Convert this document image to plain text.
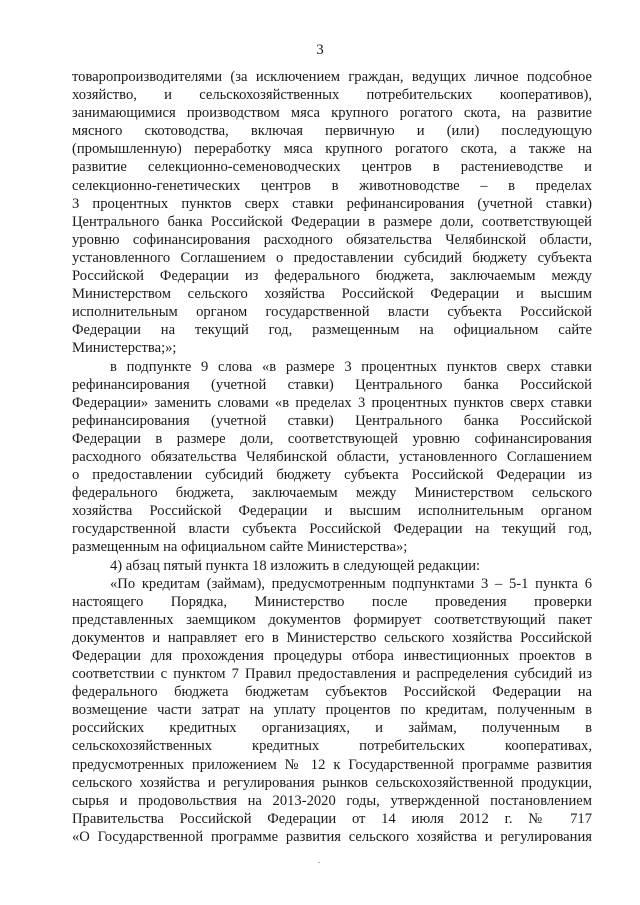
3
товаропроизводителями (за исключением граждан, ведущих личное подсобное
хозяйство, и сельскохозяйственных потребительских кооперативов),
занимающимися производством мяса крупного рогатого скота, на развитие
мясного скотоводства, включая первичную и (или) последующую
(промышленную) переработку мяса крупного рогатого скота, а также на
развитие селекционно-семеноводческих центров в растениеводстве и
селекционно-генетических центров в животноводстве – в пределах
3 процентных пунктов сверх ставки рефинансирования (учетной ставки)
Центрального банка Российской Федерации в размере доли, соответствующей
уровню софинансирования расходного обязательства Челябинской области,
установленного Соглашением о предоставлении субсидий бюджету субъекта
Российской Федерации из федерального бюджета, заключаемым между
Министерством сельского хозяйства Российской Федерации и высшим
исполнительным органом государственной власти субъекта Российской
Федерации на текущий год, размещенным на официальном сайте
Министерства;»;
в подпункте 9 слова «в размере 3 процентных пунктов сверх ставки
рефинансирования (учетной ставки) Центрального банка Российской
Федерации» заменить словами «в пределах 3 процентных пунктов сверх ставки
рефинансирования (учетной ставки) Центрального банка Российской
Федерации в размере доли, соответствующей уровню софинансирования
расходного обязательства Челябинской области, установленного Соглашением
о предоставлении субсидий бюджету субъекта Российской Федерации из
федерального бюджета, заключаемым между Министерством сельского
хозяйства Российской Федерации и высшим исполнительным органом
государственной власти субъекта Российской Федерации на текущий год,
размещенным на официальном сайте Министерства»;
4) абзац пятый пункта 18 изложить в следующей редакции:
«По кредитам (займам), предусмотренным подпунктами 3 – 5-1 пункта 6
настоящего Порядка, Министерство после проведения проверки
представленных заемщиком документов формирует соответствующий пакет
документов и направляет его в Министерство сельского хозяйства Российской
Федерации для прохождения процедуры отбора инвестиционных проектов в
соответствии с пунктом 7 Правил предоставления и распределения субсидий из
федерального бюджета бюджетам субъектов Российской Федерации на
возмещение части затрат на уплату процентов по кредитам, полученным в
российских кредитных организациях, и займам, полученным в
сельскохозяйственных кредитных потребительских кооперативах,
предусмотренных приложением № 12 к Государственной программе развития
сельского хозяйства и регулирования рынков сельскохозяйственной продукции,
сырья и продовольствия на 2013-2020 годы, утвержденной постановлением
Правительства Российской Федерации от 14 июля 2012 г. № 717
«О Государственной программе развития сельского хозяйства и регулирования
